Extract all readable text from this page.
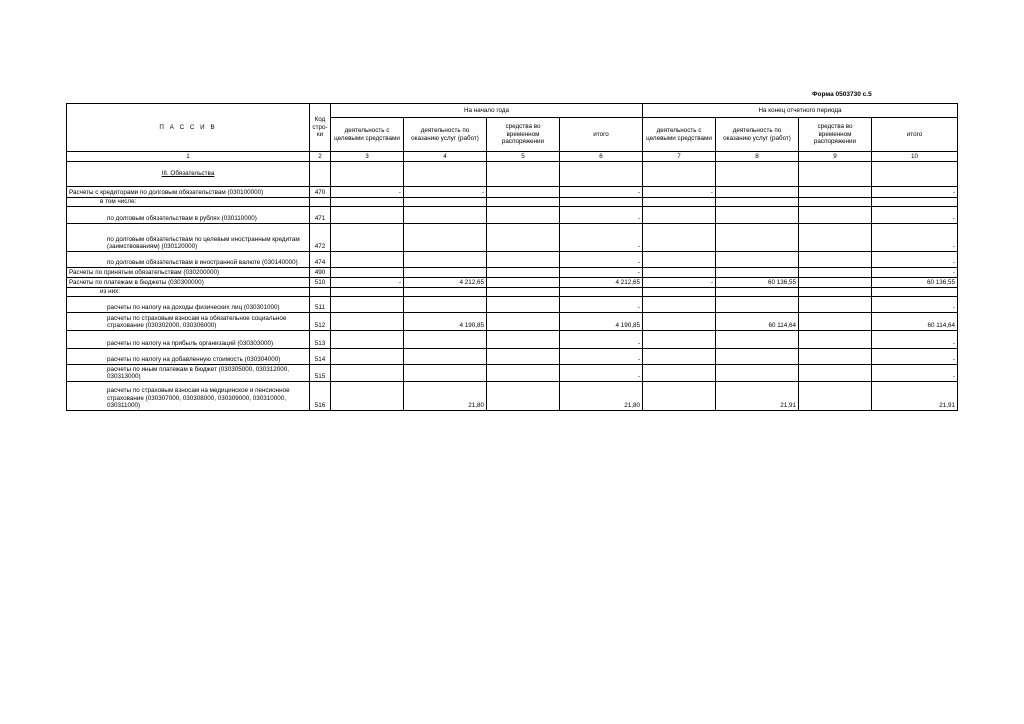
Форма 0503730 с.5
П А С С И В	Код стро-ки	На начало года				На конец отчетного периода			
		деятельность с целевыми средствами	деятельность по оказанию услуг (работ)	средства во временном распоряжении	итого	деятельность с целевыми средствами	деятельность по оказанию услуг (работ)	средства во временном распоряжении	итого
1	2	3	4	5	6	7	8	9	10
III. Обязательства									
Расчеты с кредиторами по долговым обязательствам (030100000)	470	-	-		-	-			-
в том числе:									
по долговым обязательствам в рублях (030110000)	471				-				-
по долговым обязательствам по целевым иностранным кредитам (заимствованиям) (030120000)	472				-				-
по долговым обязательствам в иностранной валюте (030140000)	474				-				-
Расчеты по принятым обязательствам (030200000)	490				-				-
Расчеты по платежам в бюджеты (030300000)	510	-	4 212,65		4 212,65	-	60 136,55		60 136,55
из них:									
расчеты по налогу на доходы физических лиц (030301000)	511				-				-
расчеты по страховым взносам на обязательное социальное страхование (030302000, 030306000)	512		4 190,85		4 190,85		60 114,64		60 114,64
расчеты по налогу на прибыль организаций (030303000)	513				-				-
расчеты по налогу на добавленную стоимость (030304000)	514				-				-
расчеты по иным платежам в бюджет (030305000, 030312000, 030313000)	515				-				-
расчеты по страховым взносам на медицинское и пенсионное страхование (030307000, 030308000, 030309000, 030310000, 030311000)	516		21,80		21,80		21,91		21,91
